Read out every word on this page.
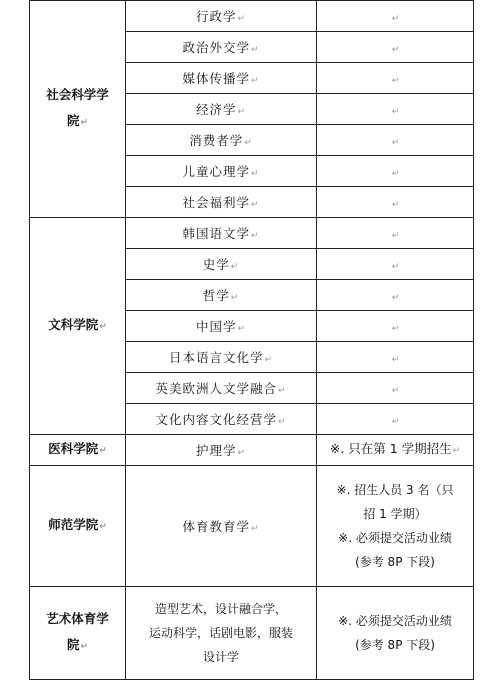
社会科学学
院↵	行政学↵	↵
	政治外交学↵	↵
	媒体传播学↵	↵
	经济学↵	↵
	消费者学↵	↵
	儿童心理学↵	↵
	社会福利学↵	↵
文科学院↵	韩国语文学↵	↵
	史学↵	↵
	哲学↵	↵
	中国学↵	↵
	日本语言文化学↵	↵
	英美欧洲人文学融合↵	↵
	文化内容文化经营学↵	↵
医科学院↵	护理学↵	※. 只在第 1 学期招生↵
师范学院↵	体育教育学↵	※. 招生人员 3 名（只
招 1 学期）
※. 必须提交活动业绩
(参考 8P 下段)

艺术体育学
院↵	造型艺术，设计融合学，
运动科学，话剧电影，服装
设计学	※. 必须提交活动业绩
(参考 8P 下段)
